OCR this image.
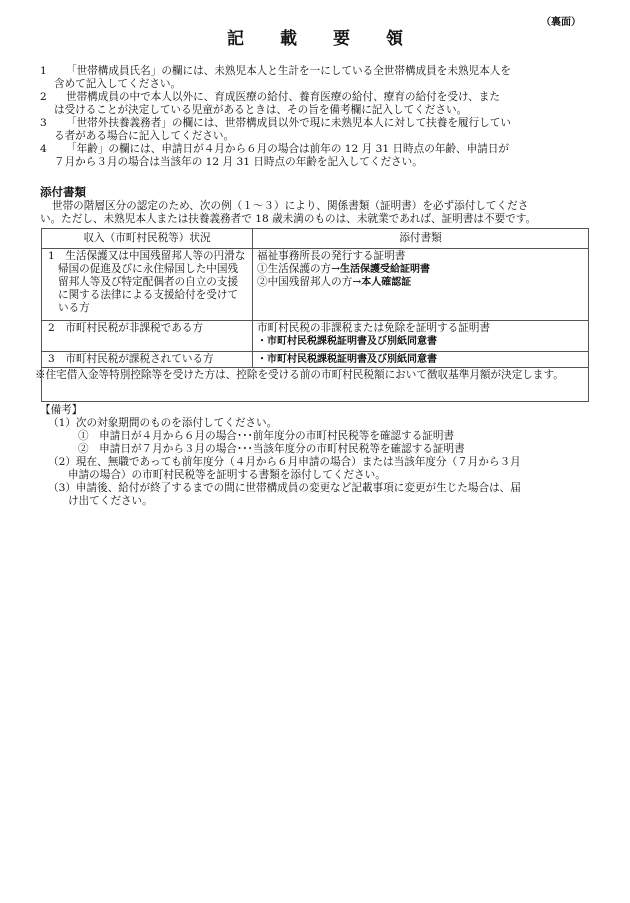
（裏面）
記 載 要 領
1	「世帯構成員氏名」の欄には、未熟児本人と生計を一にしている全世帯構成員を未熟児本人を
含めて記入してください。
2	世帯構成員の中で本人以外に、育成医療の給付、養育医療の給付、療育の給付を受け、また
は受けることが決定している児童があるときは、その旨を備考欄に記入してください。
3	「世帯外扶養義務者」の欄には、世帯構成員以外で現に未熟児本人に対して扶養を履行してい
る者がある場合に記入してください。
4	「年齢」の欄には、申請日が４月から６月の場合は前年の 12 月 31 日時点の年齢、申請日が
７月から３月の場合は当該年の 12 月 31 日時点の年齢を記入してください。
添付書類

世帯の階層区分の認定のため、次の例（１～３）により、関係書類（証明書）を必ず添付してくださ

い。ただし、未熟児本人または扶養義務者で 18 歳未満のものは、未就業であれば、証明書は不要です。

収入（市町村民税等）状況	添付書類

1　生活保護又は中国残留邦人等の円滑な帰国の促進及びに永住帰国した中国残留邦人等及び特定配偶者の自立の支援に関する法律による支援給付を受けている方	福祉事務所長の発行する証明書
①生活保護の方→生活保護受給証明書
②中国残留邦人の方→本人確認証

2　市町村民税が非課税である方	市町村民税の非課税または免除を証明する証明書
・市町村民税課税証明書及び別紙同意書

3　市町村民税が課税されている方	・市町村民税課税証明書及び別紙同意書

※住宅借入金等特別控除等を受けた方は、控除を受ける前の市町村民税額において徴収基準月額が決定します。	

【備考】

（1）次の対象期間のものを添付してください。

①　申請日が４月から６月の場合･･･前年度分の市町村民税等を確認する証明書

②　申請日が７月から３月の場合･･･当該年度分の市町村民税等を確認する証明書

（2）現在、無職であっても前年度分（４月から６月申請の場合）または当該年度分（７月から３月

申請の場合）の市町村民税等を証明する書類を添付してください。

（3）申請後、給付が終了するまでの間に世帯構成員の変更など記載事項に変更が生じた場合は、届

け出てください。
